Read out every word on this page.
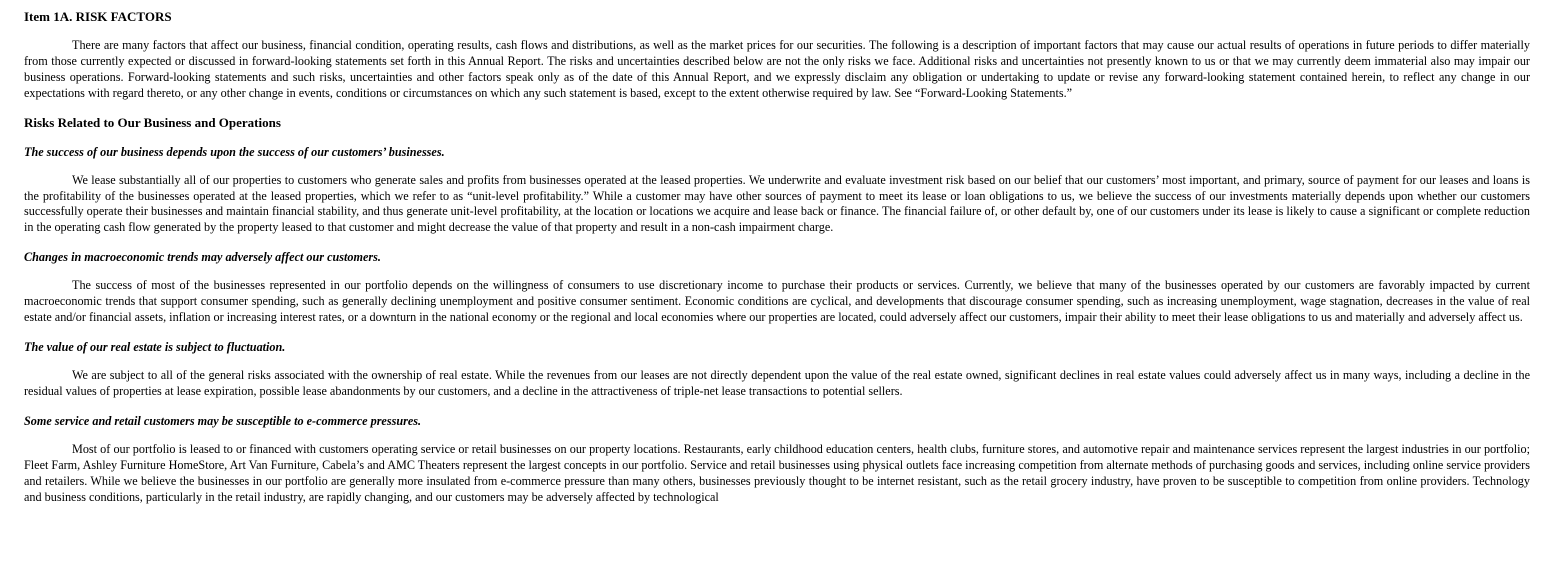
Item 1A. RISK FACTORS

There are many factors that affect our business, financial condition, operating results, cash flows and distributions, as well as the market prices for our securities. The following is a description of important factors that may cause our actual results of operations in future periods to differ materially from those currently expected or discussed in forward-looking statements set forth in this Annual Report. The risks and uncertainties described below are not the only risks we face. Additional risks and uncertainties not presently known to us or that we may currently deem immaterial also may impair our business operations. Forward-looking statements and such risks, uncertainties and other factors speak only as of the date of this Annual Report, and we expressly disclaim any obligation or undertaking to update or revise any forward-looking statement contained herein, to reflect any change in our expectations with regard thereto, or any other change in events, conditions or circumstances on which any such statement is based, except to the extent otherwise required by law. See “Forward-Looking Statements.”

Risks Related to Our Business and Operations
The success of our business depends upon the success of our customers’ businesses.

We lease substantially all of our properties to customers who generate sales and profits from businesses operated at the leased properties. We underwrite and evaluate investment risk based on our belief that our customers’ most important, and primary, source of payment for our leases and loans is the profitability of the businesses operated at the leased properties, which we refer to as “unit-level profitability.” While a customer may have other sources of payment to meet its lease or loan obligations to us, we believe the success of our investments materially depends upon whether our customers successfully operate their businesses and maintain financial stability, and thus generate unit-level profitability, at the location or locations we acquire and lease back or finance. The financial failure of, or other default by, one of our customers under its lease is likely to cause a significant or complete reduction in the operating cash flow generated by the property leased to that customer and might decrease the value of that property and result in a non-cash impairment charge.

Changes in macroeconomic trends may adversely affect our customers.

The success of most of the businesses represented in our portfolio depends on the willingness of consumers to use discretionary income to purchase their products or services. Currently, we believe that many of the businesses operated by our customers are favorably impacted by current macroeconomic trends that support consumer spending, such as generally declining unemployment and positive consumer sentiment. Economic conditions are cyclical, and developments that discourage consumer spending, such as increasing unemployment, wage stagnation, decreases in the value of real estate and/or financial assets, inflation or increasing interest rates, or a downturn in the national economy or the regional and local economies where our properties are located, could adversely affect our customers, impair their ability to meet their lease obligations to us and materially and adversely affect us.

The value of our real estate is subject to fluctuation.

We are subject to all of the general risks associated with the ownership of real estate. While the revenues from our leases are not directly dependent upon the value of the real estate owned, significant declines in real estate values could adversely affect us in many ways, including a decline in the residual values of properties at lease expiration, possible lease abandonments by our customers, and a decline in the attractiveness of triple-net lease transactions to potential sellers.

Some service and retail customers may be susceptible to e-commerce pressures.

Most of our portfolio is leased to or financed with customers operating service or retail businesses on our property locations. Restaurants, early childhood education centers, health clubs, furniture stores, and automotive repair and maintenance services represent the largest industries in our portfolio; Fleet Farm, Ashley Furniture HomeStore, Art Van Furniture, Cabela’s and AMC Theaters represent the largest concepts in our portfolio. Service and retail businesses using physical outlets face increasing competition from alternate methods of purchasing goods and services, including online service providers and retailers. While we believe the businesses in our portfolio are generally more insulated from e-commerce pressure than many others, businesses previously thought to be internet resistant, such as the retail grocery industry, have proven to be susceptible to competition from online providers. Technology and business conditions, particularly in the retail industry, are rapidly changing, and our customers may be adversely affected by technological
